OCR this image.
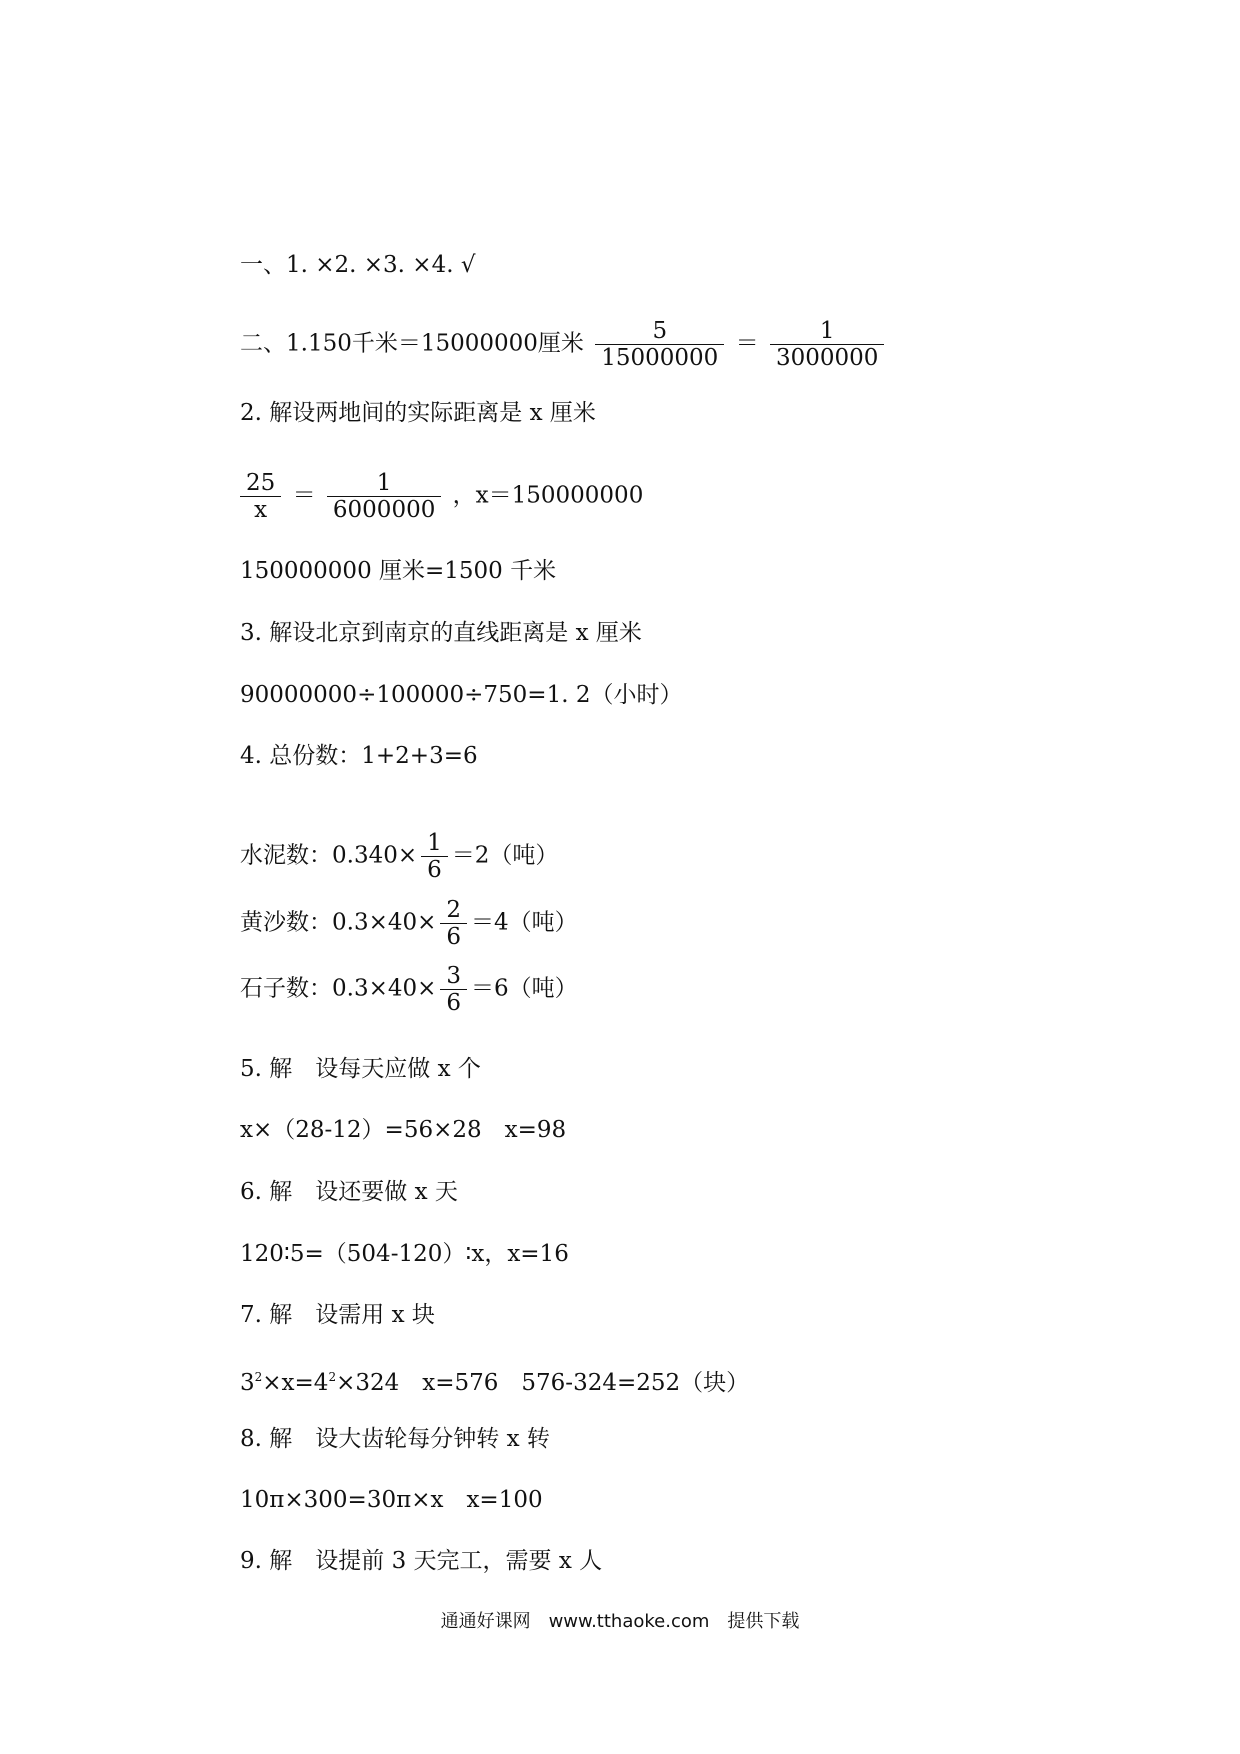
一、1. ×2. ×3. ×4. √
二、1.150千米＝15000000厘米 $\frac{5}{15000000} = \frac{1}{3000000}$
2. 解设两地间的实际距离是 x 厘米
$\frac{25}{x} = \frac{1}{6000000}$ ，x＝150000000
150000000 厘米=1500 千米
3. 解设北京到南京的直线距离是 x 厘米
90000000÷100000÷750=1. 2（小时）
4. 总份数：1+2+3=6
水泥数：$0.340\times \frac{1}{6} =2$（吨）
黄沙数：$0.3\times 40\times \frac{2}{6} =4$（吨）
石子数：$0.3\times 40\times \frac{3}{6} =6$（吨）
5. 解　设每天应做 x 个
x×（28-12）=56×28　x=98
6. 解　设还要做 x 天
120∶5=（504-120）∶x，x=16
7. 解　设需用 x 块
$3^2\times x=4^2\times 324$　x=576　576-324=252（块）
8. 解　设大齿轮每分钟转 x 转
10π×300=30π×x　x=100
9. 解　设提前 3 天完工，需要 x 人
通通好课网　www.tthaoke.com　提供下载
